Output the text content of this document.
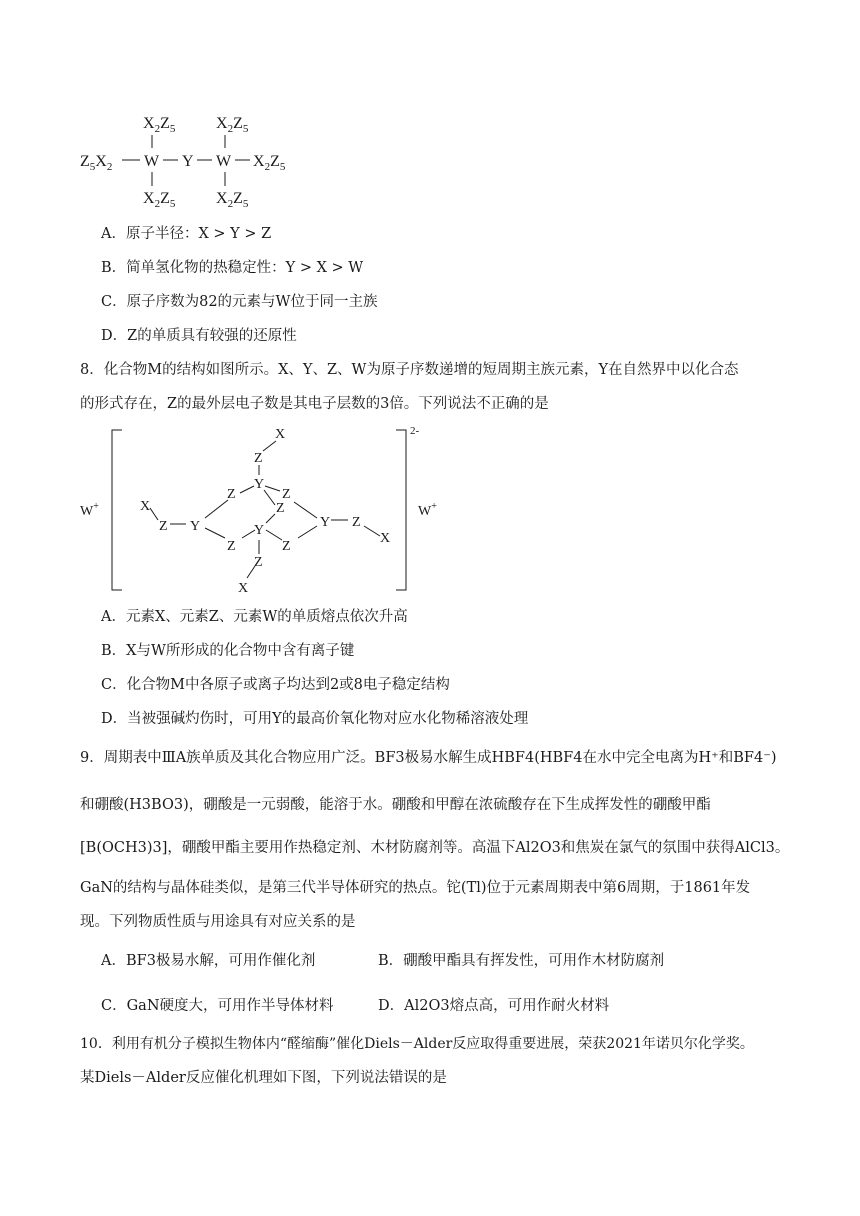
$X_2Z_5$	$X_2Z_5$
$Z_5X_2$ W Y W $X_2Z_5$
$X_2Z_5$	$X_2Z_5$
A．原子半径：X > Y > Z
B．简单氢化物的热稳定性：Y > X > W
C．原子序数为82的元素与W位于同一主族
D．Z的单质具有较强的还原性
8．化合物M的结构如图所示。X、Y、Z、W为原子序数递增的短周期主族元素，Y在自然界中以化合态
的形式存在，Z的最外层电子数是其电子层数的3倍。下列说法不正确的是
X
Z
Y
Z	Z
Z
X
Z Y	Y
Y Z
Z	Z
X
Z
X
2-
W+	W+
A．元素X、元素Z、元素W的单质熔点依次升高
B．X与W所形成的化合物中含有离子键
C．化合物M中各原子或离子均达到2或8电子稳定结构
D．当被强碱灼伤时，可用Y的最高价氧化物对应水化物稀溶液处理
9．周期表中ⅢA族单质及其化合物应用广泛。BF3极易水解生成HBF4(HBF4在水中完全电离为H⁺和BF4⁻)
和硼酸(H3BO3)，硼酸是一元弱酸，能溶于水。硼酸和甲醇在浓硫酸存在下生成挥发性的硼酸甲酯
[B(OCH3)3]，硼酸甲酯主要用作热稳定剂、木材防腐剂等。高温下Al2O3和焦炭在氯气的氛围中获得AlCl3。
GaN的结构与晶体硅类似，是第三代半导体研究的热点。铊(Tl)位于元素周期表中第6周期，于1861年发
现。下列物质性质与用途具有对应关系的是
A．BF3极易水解，可用作催化剂	B．硼酸甲酯具有挥发性，可用作木材防腐剂
C．GaN硬度大，可用作半导体材料	D．Al2O3熔点高，可用作耐火材料
10．利用有机分子模拟生物体内“醛缩酶”催化Diels－Alder反应取得重要进展，荣获2021年诺贝尔化学奖。
某Diels－Alder反应催化机理如下图，下列说法错误的是
